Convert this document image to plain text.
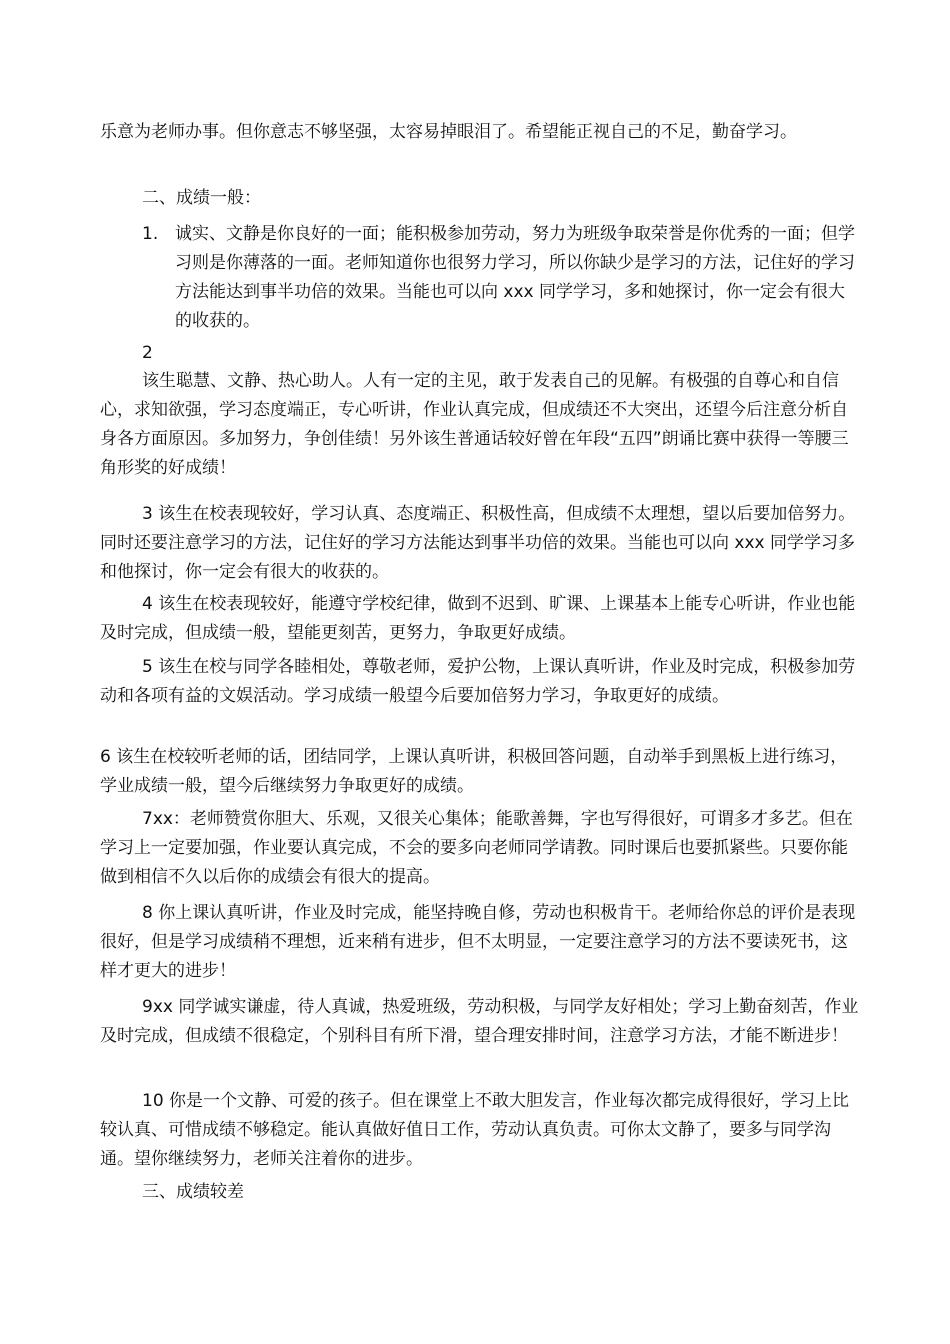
乐意为老师办事。但你意志不够坚强，太容易掉眼泪了。希望能正视自己的不足，勤奋学习。

二、成绩一般：

1. 诚实、文静是你良好的一面；能积极参加劳动，努力为班级争取荣誉是你优秀的一面；但学习则是你薄落的一面。老师知道你也很努力学习，所以你缺少是学习的方法，记住好的学习方法能达到事半功倍的效果。当能也可以向 xxx 同学学习，多和她探讨，你一定会有很大的收获的。

2

该生聪慧、文静、热心助人。人有一定的主见，敢于发表自己的见解。有极强的自尊心和自信心，求知欲强，学习态度端正，专心听讲，作业认真完成，但成绩还不大突出，还望今后注意分析自身各方面原因。多加努力，争创佳绩！另外该生普通话较好曾在年段“五四”朗诵比赛中获得一等腰三角形奖的好成绩！

3 该生在校表现较好，学习认真、态度端正、积极性高，但成绩不太理想，望以后要加倍努力。同时还要注意学习的方法，记住好的学习方法能达到事半功倍的效果。当能也可以向 xxx 同学学习多和他探讨，你一定会有很大的收获的。

4 该生在校表现较好，能遵守学校纪律，做到不迟到、旷课、上课基本上能专心听讲，作业也能及时完成，但成绩一般，望能更刻苦，更努力，争取更好成绩。

5 该生在校与同学各睦相处，尊敬老师，爱护公物，上课认真听讲，作业及时完成，积极参加劳动和各项有益的文娱活动。学习成绩一般望今后要加倍努力学习，争取更好的成绩。

6 该生在校较听老师的话，团结同学，上课认真听讲，积极回答问题，自动举手到黑板上进行练习，学业成绩一般，望今后继续努力争取更好的成绩。

7xx：老师赞赏你胆大、乐观，又很关心集体；能歌善舞，字也写得很好，可谓多才多艺。但在学习上一定要加强，作业要认真完成，不会的要多向老师同学请教。同时课后也要抓紧些。只要你能做到相信不久以后你的成绩会有很大的提高。

8 你上课认真听讲，作业及时完成，能坚持晚自修，劳动也积极肯干。老师给你总的评价是表现很好，但是学习成绩稍不理想，近来稍有进步，但不太明显，一定要注意学习的方法不要读死书，这样才更大的进步！

9xx 同学诚实谦虚，待人真诚，热爱班级，劳动积极，与同学友好相处；学习上勤奋刻苦，作业及时完成，但成绩不很稳定，个别科目有所下滑，望合理安排时间，注意学习方法，才能不断进步！

10 你是一个文静、可爱的孩子。但在课堂上不敢大胆发言，作业每次都完成得很好，学习上比较认真、可惜成绩不够稳定。能认真做好值日工作，劳动认真负责。可你太文静了，要多与同学沟通。望你继续努力，老师关注着你的进步。

三、成绩较差
